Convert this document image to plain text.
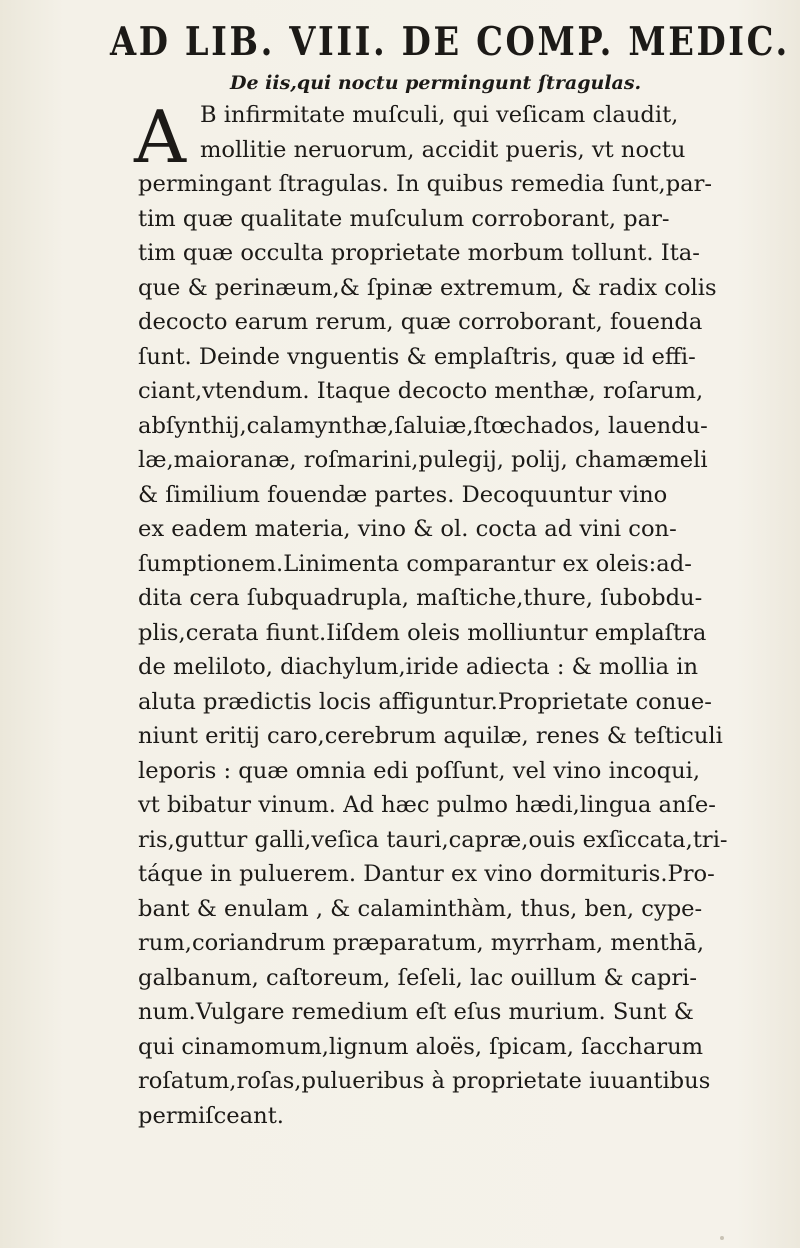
AD LIB. VIII. DE COMP. MEDIC.
De iis,qui noctu permingunt ſtragulas.
A B infirmitate muſculi, qui veſicam claudit,
mollitie neruorum, accidit pueris, vt noctu
permingant ſtragulas. In quibus remedia ſunt,par-
tim quæ qualitate muſculum corroborant, par-
tim quæ occulta proprietate morbum tollunt. Ita-
que & perinæum,& ſpinæ extremum, & radix colis
decocto earum rerum, quæ corroborant, fouenda
ſunt. Deinde vnguentis & emplaſtris, quæ id effi-
ciant,vtendum. Itaque decocto menthæ, roſarum,
abſynthij,calamynthæ,ſaluiæ,ſtœchados, lauendu-
læ,maioranæ, roſmarini,pulegij, polij, chamæmeli
& ſimilium fouendæ partes. Decoquuntur vino
ex eadem materia, vino & ol. cocta ad vini con-
ſumptionem.Linimenta comparantur ex oleis:ad-
dita cera ſubquadrupla, maſtiche,thure, ſubobdu-
plis,cerata fiunt.Iiſdem oleis molliuntur emplaſtra
de meliloto, diachylum,iride adiecta : & mollia in
aluta prædictis locis affiguntur.Proprietate conue-
niunt eritij caro,cerebrum aquilæ, renes & teſticuli
leporis : quæ omnia edi poſſunt, vel vino incoqui,
vt bibatur vinum. Ad hæc pulmo hædi,lingua anſe-
ris,guttur galli,veſica tauri,capræ,ouis exſiccata,tri-
táque in puluerem. Dantur ex vino dormituris.Pro-
bant & enulam , & calaminthàm, thus, ben, cype-
rum,coriandrum præparatum, myrrham, menthā,
galbanum, caſtoreum, ſeſeli, lac ouillum & capri-
num.Vulgare remedium eſt eſus murium. Sunt &
qui cinamomum,lignum aloës, ſpicam, ſaccharum
roſatum,roſas,pulueribus à proprietate iuuantibus
permiſceant.
